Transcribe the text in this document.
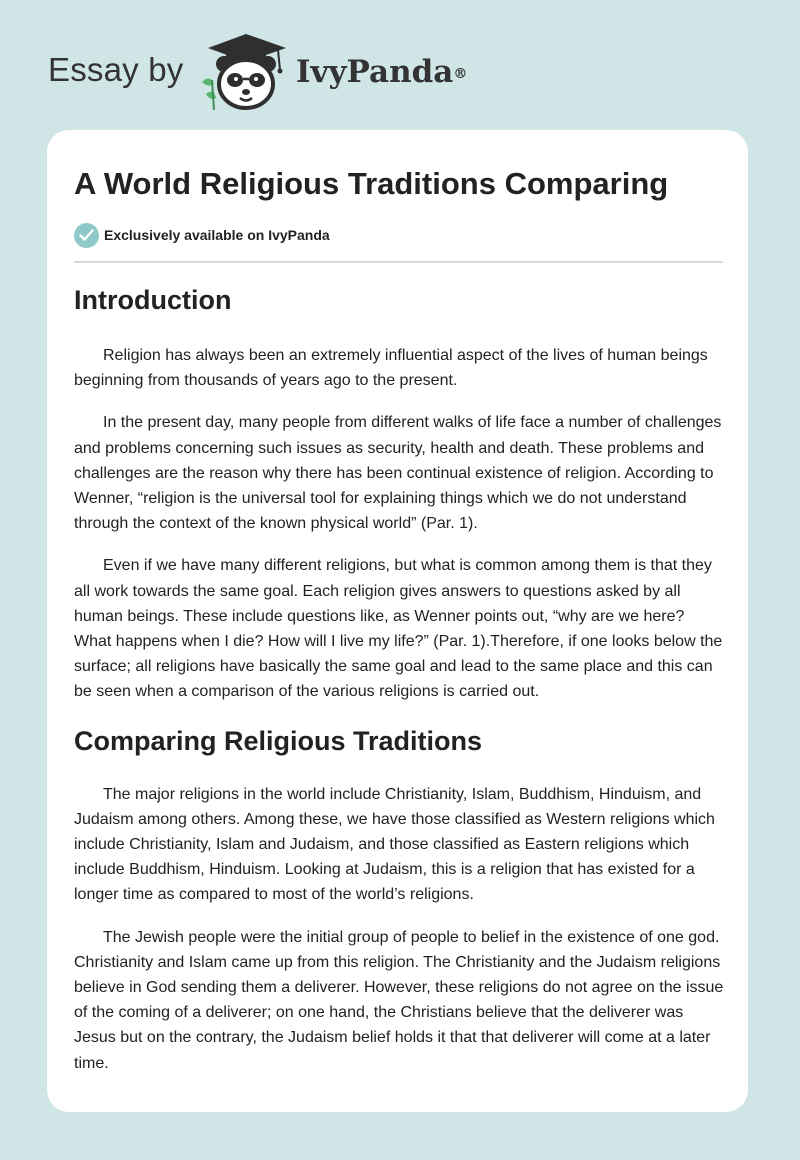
Essay by	IvyPanda®
A World Religious Traditions Comparing
Exclusively available on IvyPanda
Introduction

Religion has always been an extremely influential aspect of the lives of human beings beginning from thousands of years ago to the present.

In the present day, many people from different walks of life face a number of challenges and problems concerning such issues as security, health and death. These problems and challenges are the reason why there has been continual existence of religion. According to Wenner, “religion is the universal tool for explaining things which we do not understand through the context of the known physical world” (Par. 1).

Even if we have many different religions, but what is common among them is that they all work towards the same goal. Each religion gives answers to questions asked by all human beings. These include questions like, as Wenner points out, “why are we here? What happens when I die? How will I live my life?” (Par. 1).Therefore, if one looks below the surface; all religions have basically the same goal and lead to the same place and this can be seen when a comparison of the various religions is carried out.

Comparing Religious Traditions

The major religions in the world include Christianity, Islam, Buddhism, Hinduism, and Judaism among others. Among these, we have those classified as Western religions which include Christianity, Islam and Judaism, and those classified as Eastern religions which include Buddhism, Hinduism. Looking at Judaism, this is a religion that has existed for a longer time as compared to most of the world’s religions.

The Jewish people were the initial group of people to belief in the existence of one god. Christianity and Islam came up from this religion. The Christianity and the Judaism religions believe in God sending them a deliverer. However, these religions do not agree on the issue of the coming of a deliverer; on one hand, the Christians believe that the deliverer was Jesus but on the contrary, the Judaism belief holds it that that deliverer will come at a later time.
